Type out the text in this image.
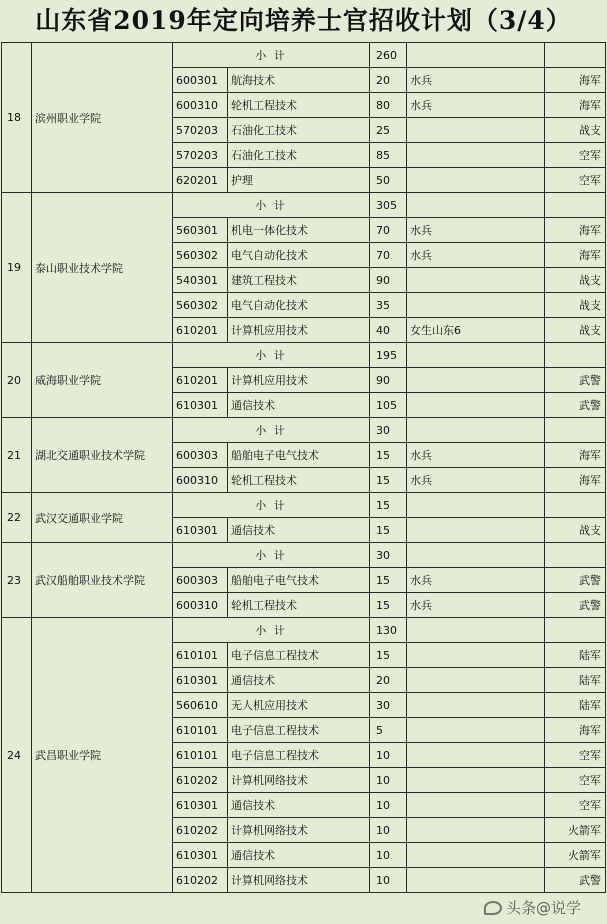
山东省2019年定向培养士官招收计划（3/4）
18	滨州职业学院	小 计		260		
		600301	航海技术	20	水兵	海军
		600310	轮机工程技术	80	水兵	海军
		570203	石油化工技术	25		战支
		570203	石油化工技术	85		空军
		620201	护理	50		空军
19	泰山职业技术学院	小 计		305		
		560301	机电一体化技术	70	水兵	海军
		560302	电气自动化技术	70	水兵	海军
		540301	建筑工程技术	90		战支
		560302	电气自动化技术	35		战支
		610201	计算机应用技术	40	女生山东6	战支
20	威海职业学院	小 计		195		
		610201	计算机应用技术	90		武警
		610301	通信技术	105		武警
21	湖北交通职业技术学院	小 计		30		
		600303	船舶电子电气技术	15	水兵	海军
		600310	轮机工程技术	15	水兵	海军
22	武汉交通职业学院	小 计		15		
		610301	通信技术	15		战支
23	武汉船舶职业技术学院	小 计		30		
		600303	船舶电子电气技术	15	水兵	武警
		600310	轮机工程技术	15	水兵	武警
24	武昌职业学院	小 计		130		
		610101	电子信息工程技术	15		陆军
		610301	通信技术	20		陆军
		560610	无人机应用技术	30		陆军
		610101	电子信息工程技术	5		海军
		610101	电子信息工程技术	10		空军
		610202	计算机网络技术	10		空军
		610301	通信技术	10		空军
		610202	计算机网络技术	10		火箭军
		610301	通信技术	10		火箭军
		610202	计算机网络技术	10		武警
头条@说学
